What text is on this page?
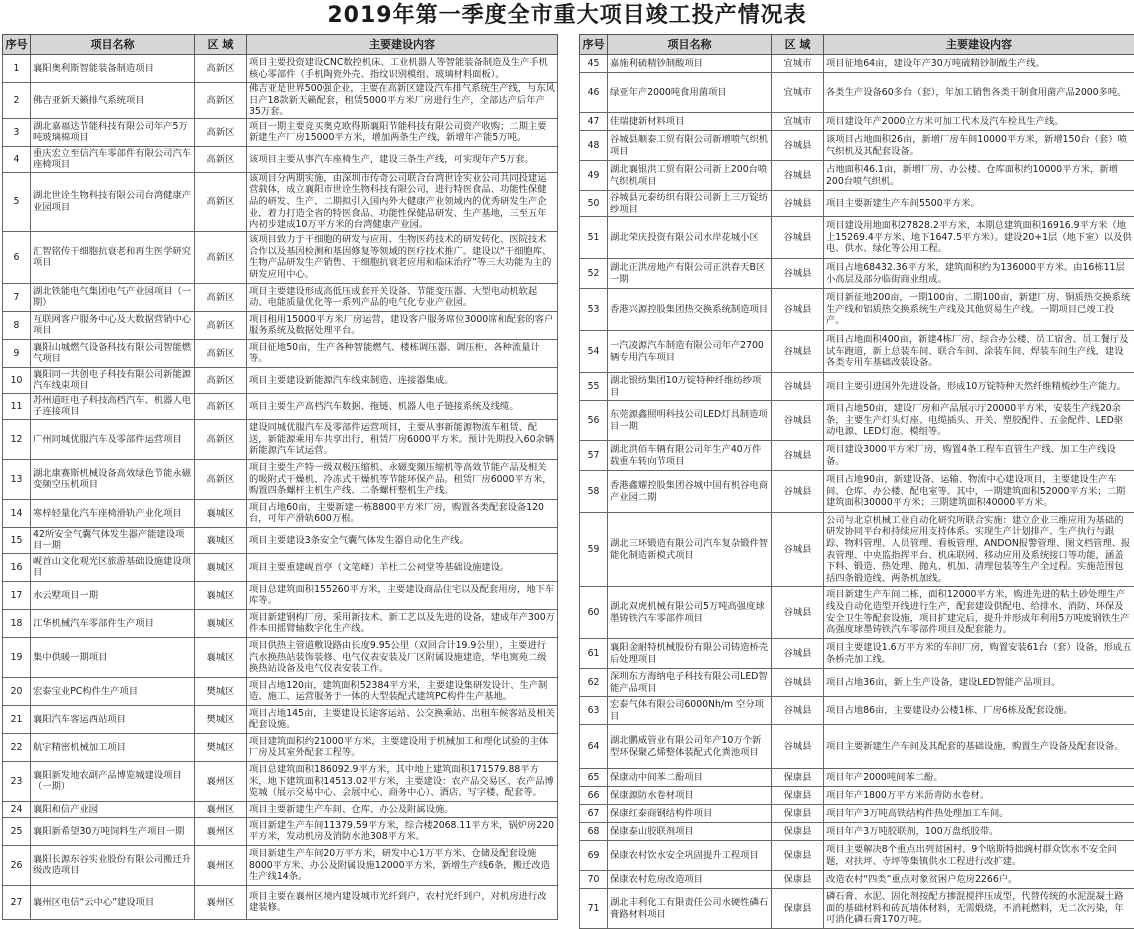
2019年第一季度全市重大项目竣工投产情况表
序号	项目名称	区 域	主要建设内容
1	襄阳奥利斯智能装备制造项目	高新区	项目主要投资建设CNC数控机床、工业机器人等智能装备制造及生产手机核心零部件（手机陶瓷外壳、指纹识别模组、玻璃材料面板）。
2	佛吉亚新天籁排气系统项目	高新区	佛吉亚是世界500强企业，主要在高新区建设汽车排气系统生产线，与东风日产18款新天籁配套，租赁5000平方米厂房进行生产，全部达产后年产35万套。
3	湖北嘉福达节能科技有限公司年产5万吨玻璃棉项目	高新区	项目一期主要竞买奥克欧得斯襄阳节能科技有限公司资产收购；二期主要新建生产厂房15000平方米，增加两条生产线，新增年产能5万吨。
4	重庆宏立至信汽车零部件有限公司汽车座椅项目	高新区	该项目主要从事汽车座椅生产，建设三条生产线，可实现年产5万套。
5	湖北世诠生物科技有限公司台湾健康产业园项目	高新区	该项目分两期实施，由深圳市传奇公司联合台湾世诠实业公司共同投建运营载体，成立襄阳市世诠生物科技有限公司，进行特医食品、功能性保健品的研发、生产、二期拟引入国内外大健康产业领域内的优秀研发生产企业，着力打造全省的特医食品、功能性保健品研发、生产基地，三至五年内初步建成10万平方米的台湾健康产业园。
6	汇智铭传干细胞抗衰老和再生医学研究项目	高新区	该项目致力于干细胞的研发与应用、生物医药技术的研发转化、医院技术合作以及基因检测和基因修复等领域的医疗技术推广。建设以“干细胞库、生物产品研发生产销售、干细胞抗衰老应用和临床治疗”等三大功能为主的研发应用中心。
7	湖北铁能电气集团电气产业园项目（一期）	高新区	项目主要建设形成高低压成套开关设备、节能变压器、大型电动机软起动、电能质量优化等一系列产品的电气化专业产业园。
8	互联网客户服务中心及大数据营销中心项目	高新区	项目租用15000平方米厂房运营，建设客户服务席位3000席和配套的客户服务系统及数据处理平台。
9	襄阳山城燃气设备科技有限公司智能燃气项目	高新区	项目征地50亩，生产各种智能燃气、楼栋调压器、调压柜、各种流量计等。
10	襄阳同一共创电子科技有限公司新能源汽车线束项目	高新区	项目主要建设新能源汽车线束制造、连接器集成。
11	苏州道旺电子科技高档汽车、机器人电子连接项目	高新区	项目主要生产高档汽车数据、拖链、机器人电子链接系统及线缆。
12	广州同城优服汽车及零部件运营项目	高新区	建设同城优服汽车及零部件运营项目，主要从事新能源物流车租赁、配送，新能源乘用车共享出行，租赁厂房6000平方米。预计先期投入60余辆新能源汽车试运营。
13	湖北康赛斯机械设备高效绿色节能永磁变频空压机项目	高新区	项目主要生产特一级双极压缩机、永磁变频压缩机等高效节能产品及相关的吸附式干燥机、冷冻式干燥机等节能环保产品。租赁厂房6000平方米，购置四条螺杆主机生产线、二条螺杆整机生产线。
14	寒梓轻量化汽车座椅滑轨产业化项目	襄城区	项目占地60亩，主要新建一栋8800平方米厂房，购置各类配套设备120台，可年产滑轨600万根。
15	42所安全气囊气体发生器产能建设项目一期	襄城区	项目主要建设3条安全气囊气体发生器自动化生产线。
16	岘首山文化观光区旅游基础设施建设项目	襄城区	项目主要重建岘首亭（文笔峰）羊杜二公祠堂等基础设施建设。
17	水云墅项目一期	襄城区	项目总建筑面积155260平方米，主要建设商品住宅以及配套用房，地下车库等。
18	江华机械汽车零部件生产项目	襄城区	项目新建钢构厂房，采用新技术、新工艺以及先进的设备，建成年产300万件本田摇臂轴数字化生产线。
19	集中供暖一期项目	襄城区	项目供热主管道敷设路由长度9.95公里（双回合计19.9公里），主要进行汽水换热站装饰装修、电气仪表安装及厂区附属设施建造，华电寓苑二级换热站设备及电气仪表安装工作。
20	宏泰宝业PC构件生产项目	樊城区	项目占地120亩，建筑面积52384平方米，主要建设集研发设计、生产制造、施工、运营服务于一体的大型装配式建筑PC构件生产基地。
21	襄阳汽车客运西站项目	樊城区	项目占地145亩，主要建设长途客运站、公交换乘站、出租车候客站及相关配套设施。
22	航宇精密机械加工项目	樊城区	项目建筑面积约21000平方米，主要建设用于机械加工和理化试验的主体厂房及其室外配套工程等。
23	襄阳新发地农副产品博览城建设项目（一期）	襄州区	项目总建筑面积186092.9平方米，其中地上建筑面积171579.88平方米，地下建筑面积14513.02平方米，主要建设：农产品交易区、农产品博览城（展示交易中心、会展中心、商务中心）、酒店、写字楼、配套等。
24	襄阳和信产业园	襄州区	项目主要新建生产车间、仓库、办公及附属设施。
25	襄阳新希望30万吨饲料生产项目一期	襄州区	项目新建生产车间11379.59平方米，综合楼2068.11平方米，锅炉房220平方米，发动机房及消防水池308平方米。
26	襄阳长源东谷实业股份有限公司搬迁升级改造项目	襄州区	项目新建生产车间20万平方米，研发中心1万平方米、仓储及配套设施8000平方米、办公及附属设施12000平方米，新增生产线6条，搬迁改造生产线14条。
27	襄州区电信“云中心”建设项目	襄州区	项目主要在襄州区境内建设城市光纤到户，农村光纤到户，对机房进行改建装修。
序号	项目名称	区 域	主要建设内容
45	嘉施利硫精钞制酸项目	宜城市	项目征地64亩，建设年产30万吨硫精钞制酸生产线。
46	绿亚年产2000吨食用菌项目	宜城市	各类生产设备60多台（套），年加工销售各类干制食用菌产品2000多吨。
47	佳瑞捷新材料项目	宜城市	项目建设年产2000立方米可加工代木及汽车检具生产线。
48	谷城县顺泰工贸有限公司新增喷气织机项目	谷城县	该项目占地面积26亩，新增厂房车间10000平方米，新增150台（套）喷气织机及其配套设备。
49	湖北襄银洪工贸有限公司新上200台喷气织机项目	谷城县	占地面积46.1亩，新增厂房、办公楼、仓库面积约10000平方米，新增200台喷气织机。
50	谷城县元泰纺织有限公司新上三万锭纺纱项目	谷城县	项目主要新建生产车间5500平方米。
51	湖北荣庆投资有限公司水岸花城小区	谷城县	项目建设用地面积27828.2平方米，本期总建筑面积16916.9平方米（地上15269.4平方米、地下1647.5平方米）。建设20+1层（地下室）以及供电、供水、绿化等公用工程。
52	湖北正洪房地产有限公司正洪春天B区一期	谷城县	项目占地68432.36平方米，建筑面积约为136000平方米。由16栋11层小高层及部分临街商业组成。
53	香港兴源控股集团热交换系统制造项目	谷城县	项目新征地200亩，一期100亩、二期100亩，新建厂房、铜质热交换系统生产线和铝质热交换系统生产线及其他贸易生产线。一期项目已竣工投产。
54	一汽凌源汽车制造有限公司年产2700辆专用汽车项目	谷城县	项目占地面积400亩，新建4栋厂房、综合办公楼、员工宿舍、员工餐厅及试车跑道，新上总装车间、联合车间、涂装车间、焊装车间生产线，建设各类专用车基础改装设备。
55	湖北银纺集团10万锭特种纤维纺纱项目	谷城县	项目主要引进国外先进设备，形成10万锭特种天然纤维精梳纱生产能力。
56	东莞源鑫照明科技公司LED灯具制造项目一期	谷城县	项目占地50亩，建设厂房和产品展示厅20000平方米，安装生产线20余条，主要生产灯头灯座、电缆插头、开关、塑胶配件、五金配件、LED驱动电源、LED灯泡、模组等。
57	湖北洪佰车辆有限公司年生产40万件载重车转向节项目	谷城县	项目建设3000平方米厂房，购置4条工程车直管生产线、加工生产线设备。
58	香港鑫耀控股集团谷城中国有机谷电商产业园二期	谷城县	项目占地90亩，新建设备、运输、物流中心建设项目，主要建设生产车间、仓库、办公楼、配电室等。其中，一期建筑面积52000平方米；二期建筑面积30000平方米；三期建筑面积40000平方米。
59	湖北三环锻造有限公司汽车复杂锻件智能化制造新模式项目	谷城县	公司与北京机械工业自动化研究所联合实施：建立企业三维应用为基础的研发协同平台和持续应用支持体系。实现生产计划排产、生产执行与跟踪、物料管理、人员管理、看板管理、ANDON报警管理、图文档管理、报表管理、中央监指挥平台、机床联网、移动应用及系统接口等功能，涵盖下料、锻造、热处理、抛丸、机加、清理包装等生产全过程。实施范围包括四条锻造线、两条机加线。
60	湖北双虎机械有限公司5万吨高强度球墨铸铁汽车零部件项目	谷城县	项目新建生产车间二栋，面积12000平方米，购进先进的粘土砂处理生产线及自动化造型开线进行生产，配套建设供配电、给排水、消防、环保及安全卫生等配套设施，项目扩建完后，提升并形成年利用5万吨废钢铁生产高强度球墨铸铁汽车零部件项目及配套能力。
61	襄阳金耐特机械股份有限公司铸造桥壳后处理项目	谷城县	项目主要建设1.6万平方米的车间厂房，购置安装61台（套）设备，形成五条桥壳加工线。
62	深圳东方海纳电子科技有限公司LED智能产品项目	谷城县	项目占地36亩，新上生产设备，建设LED智能产品项目。
63	宏泰气体有限公司6000Nh/m 空分项目	谷城县	项目占地86亩，主要建设办公楼1栋、厂房6栋及配套设施。
64	湖北鹏威管业有限公司年产10万个新型环保聚乙烯整体装配式化粪池项目	谷城县	项目主要新建生产车间及其配套的基础设施，购置生产设备及配套设备。
65	保康动中间苯二酚项目	保康县	项目年产2000吨间苯二酚。
66	保康源防水卷材项目	保康县	项目年产1800万平方米沥青防水卷材。
67	保康红泰商钢结构件项目	保康县	项目年产3万吨高铁结构件热处理加工车间。
68	保康泰山胶联剂项目	保康县	项目年产3万吨胶联剂，100万盘纸胶带。
69	保康农村饮水安全巩固提升工程项目	保康县	项目主要解决8个重点出列贫困村、9个啥斯特拙豌村群众饮水不安全问题，对扶坪、寺坪等集镇供水工程进行改扩建。
70	保康农村危房改造项目	保康县	改造农村“四类”重点对象贫困户危房2266户。
71	湖北丰利化工有限责任公司水硬性磷石膏路材料项目	保康县	磷石膏、水泥、固化剂按配方掺混搅拌压成型，代替传统的水泥混凝土路面的基础材料和砖瓦墙体材料，无需煅烧，不消耗燃料，无二次污染，年可消化磷石膏170万吨。
